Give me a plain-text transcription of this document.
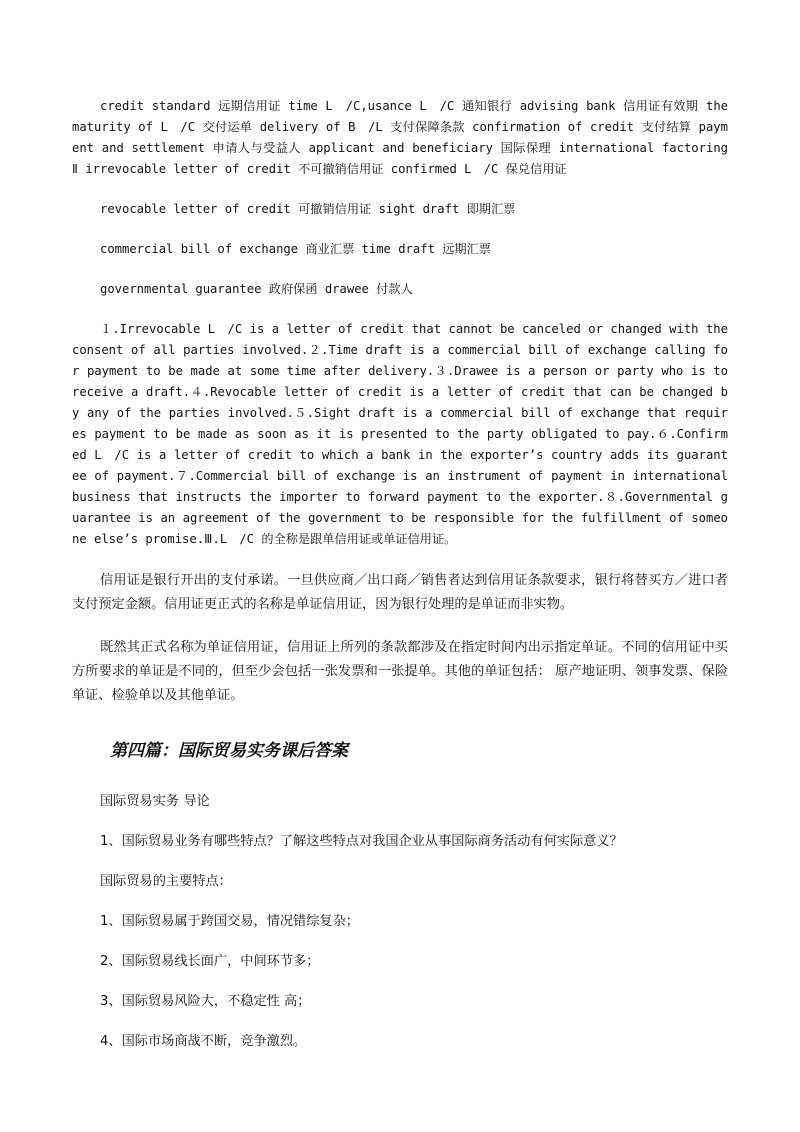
credit standard 远期信用证 time L　/C,usance L　/C 通知银行 advising bank 信用证有效期 the maturity of L　/C 交付运单 delivery of B　/L 支付保障条款 confirmation of credit 支付结算 payment and settlement 申请人与受益人 applicant and beneficiary 国际保理 international factoring Ⅱ irrevocable letter of credit 不可撤销信用证 confirmed L　/C 保兑信用证

revocable letter of credit 可撤销信用证 sight draft 即期汇票

commercial bill of exchange 商业汇票 time draft 远期汇票

governmental guarantee 政府保函 drawee 付款人

１.Irrevocable L　/C is a letter of credit that cannot be canceled or changed with the consent of all parties involved.２.Time draft is a commercial bill of exchange calling for payment to be made at some time after delivery.３.Drawee is a person or party who is to receive a draft.４.Revocable letter of credit is a letter of credit that can be changed by any of the parties involved.５.Sight draft is a commercial bill of exchange that requires payment to be made as soon as it is presented to the party obligated to pay.６.Confirmed L　/C is a letter of credit to which a bank in the exporter’s country adds its guarantee of payment.７.Commercial bill of exchange is an instrument of payment in international business that instructs the importer to forward payment to the exporter.８.Governmental guarantee is an agreement of the government to be responsible for the fulfillment of someone else’s promise.Ⅲ.L　/C 的全称是跟单信用证或单证信用证。

信用证是银行开出的支付承诺。一旦供应商／出口商／销售者达到信用证条款要求，银行将替买方／进口者支付预定金额。信用证更正式的名称是单证信用证，因为银行处理的是单证而非实物。

既然其正式名称为单证信用证，信用证上所列的条款都涉及在指定时间内出示指定单证。不同的信用证中买方所要求的单证是不同的，但至少会包括一张发票和一张提单。其他的单证包括： 原产地证明、领事发票、保险单证、检验单以及其他单证。

第四篇：国际贸易实务课后答案

国际贸易实务 导论

1、国际贸易业务有哪些特点？了解这些特点对我国企业从事国际商务活动有何实际意义？

国际贸易的主要特点：

1、国际贸易属于跨国交易，情况错综复杂；

2、国际贸易线长面广，中间环节多；

3、国际贸易风险大，不稳定性 高；

4、国际市场商战不断，竞争激烈。
